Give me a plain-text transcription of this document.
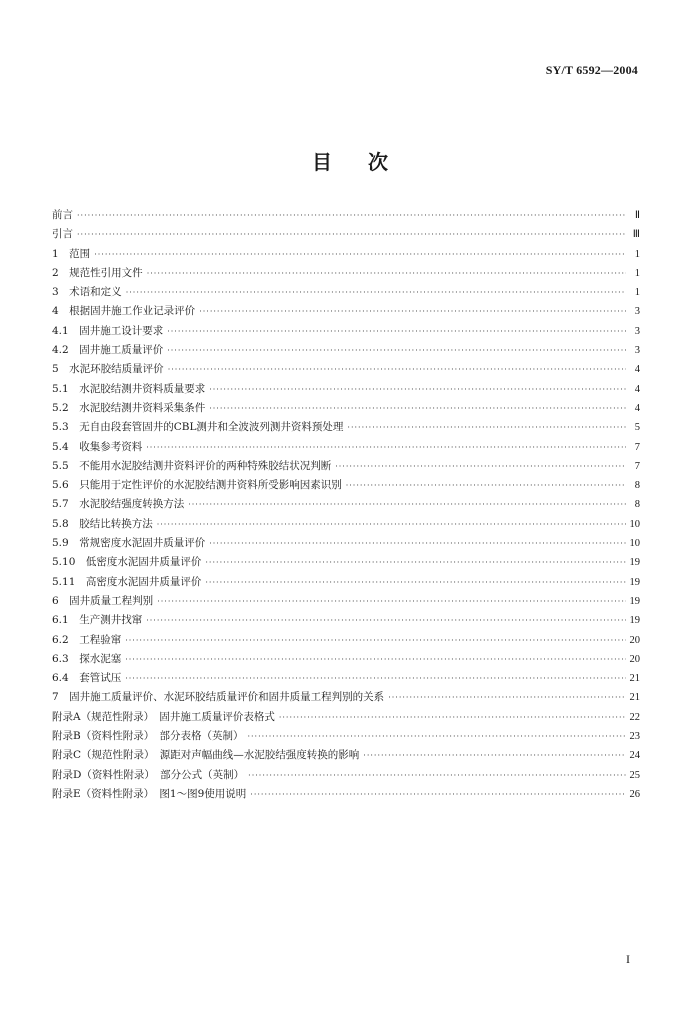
SY/T 6592—2004
目次
前言 ·····	Ⅱ
引言 ·····	Ⅲ
1　范围 ·····	1
2　规范性引用文件 ·····	1
3　术语和定义 ·····	1
4　根据固井施工作业记录评价 ·····	3
4.1　固井施工设计要求 ·····	3
4.2　固井施工质量评价 ·····	3
5　水泥环胶结质量评价 ·····	4
5.1　水泥胶结测井资料质量要求 ·····	4
5.2　水泥胶结测井资料采集条件 ·····	4
5.3　无自由段套管固井的CBL测井和全波波列测井资料预处理 ·····	5
5.4　收集参考资料 ·····	7
5.5　不能用水泥胶结测井资料评价的两种特殊胶结状况判断 ·····	7
5.6　只能用于定性评价的水泥胶结测井资料所受影响因素识别 ·····	8
5.7　水泥胶结强度转换方法 ·····	8
5.8　胶结比转换方法 ·····	10
5.9　常规密度水泥固井质量评价 ·····	10
5.10　低密度水泥固井质量评价 ·····	19
5.11　高密度水泥固井质量评价 ·····	19
6　固井质量工程判别 ·····	19
6.1　生产测井找窜 ·····	19
6.2　工程验窜 ·····	20
6.3　探水泥塞 ·····	20
6.4　套管试压 ·····	21
7　固井施工质量评价、水泥环胶结质量评价和固井质量工程判别的关系 ·····	21
附录A（规范性附录）　固井施工质量评价表格式 ·····	22
附录B（资料性附录）　部分表格（英制） ·····	23
附录C（规范性附录）　源距对声幅曲线—水泥胶结强度转换的影响 ·····	24
附录D（资料性附录）　部分公式（英制） ·····	25
附录E（资料性附录）　图1～图9使用说明 ·····	26
I
